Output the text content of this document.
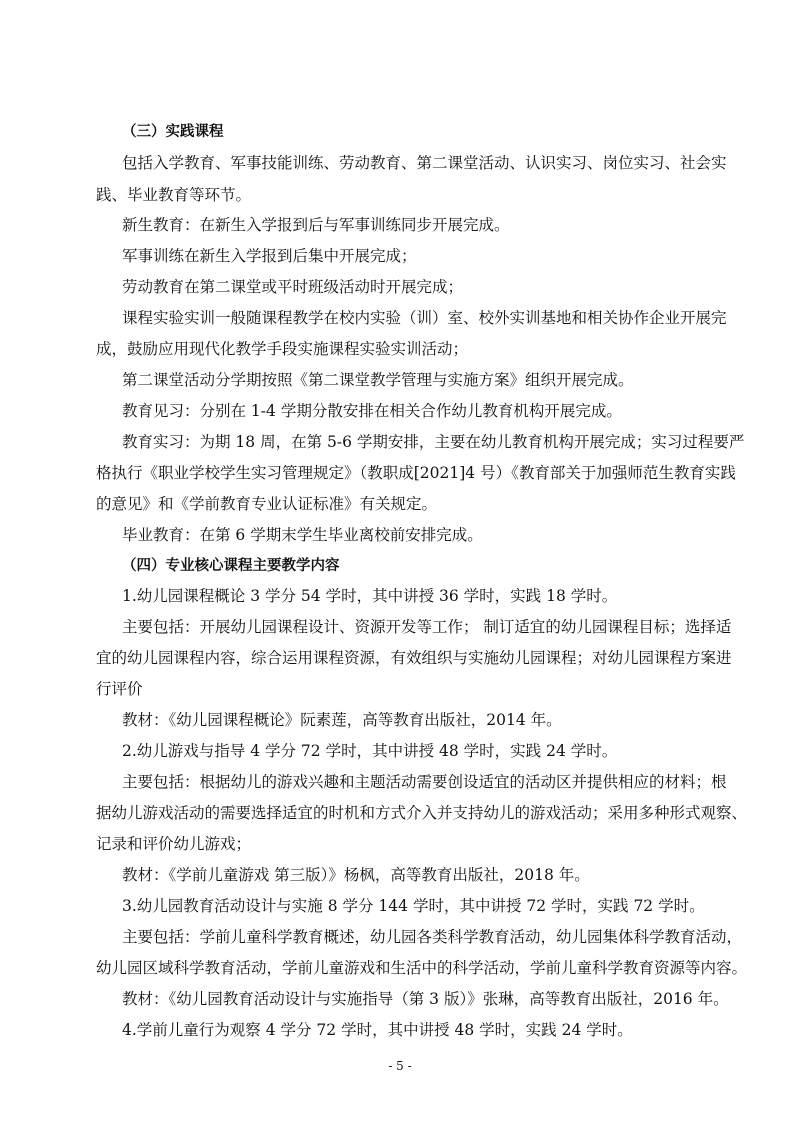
（三）实践课程
包括入学教育、军事技能训练、劳动教育、第二课堂活动、认识实习、岗位实习、社会实
践、毕业教育等环节。
新生教育：在新生入学报到后与军事训练同步开展完成。
军事训练在新生入学报到后集中开展完成；
劳动教育在第二课堂或平时班级活动时开展完成；
课程实验实训一般随课程教学在校内实验（训）室、校外实训基地和相关协作企业开展完
成，鼓励应用现代化教学手段实施课程实验实训活动；
第二课堂活动分学期按照《第二课堂教学管理与实施方案》组织开展完成。
教育见习：分别在 1-4 学期分散安排在相关合作幼儿教育机构开展完成。
教育实习：为期 18 周，在第 5-6 学期安排，主要在幼儿教育机构开展完成；实习过程要严
格执行《职业学校学生实习管理规定》（教职成[2021]4 号）《教育部关于加强师范生教育实践
的意见》和《学前教育专业认证标准》有关规定。
毕业教育：在第 6 学期末学生毕业离校前安排完成。
（四）专业核心课程主要教学内容
1.幼儿园课程概论 3 学分 54 学时，其中讲授 36 学时，实践 18 学时。
主要包括：开展幼儿园课程设计、资源开发等工作； 制订适宜的幼儿园课程目标；选择适
宜的幼儿园课程内容，综合运用课程资源，有效组织与实施幼儿园课程；对幼儿园课程方案进
行评价
教材：《幼儿园课程概论》阮素莲，高等教育出版社，2014 年。
2.幼儿游戏与指导 4 学分 72 学时，其中讲授 48 学时，实践 24 学时。
主要包括：根据幼儿的游戏兴趣和主题活动需要创设适宜的活动区并提供相应的材料；根
据幼儿游戏活动的需要选择适宜的时机和方式介入并支持幼儿的游戏活动；采用多种形式观察、
记录和评价幼儿游戏；
教材：《学前儿童游戏 第三版）》杨枫，高等教育出版社，2018 年。
3.幼儿园教育活动设计与实施 8 学分 144 学时，其中讲授 72 学时，实践 72 学时。
主要包括：学前儿童科学教育概述，幼儿园各类科学教育活动，幼儿园集体科学教育活动，
幼儿园区域科学教育活动，学前儿童游戏和生活中的科学活动，学前儿童科学教育资源等内容。
教材：《幼儿园教育活动设计与实施指导（第 3 版）》张琳，高等教育出版社，2016 年。
4.学前儿童行为观察 4 学分 72 学时，其中讲授 48 学时，实践 24 学时。
- 5 -
